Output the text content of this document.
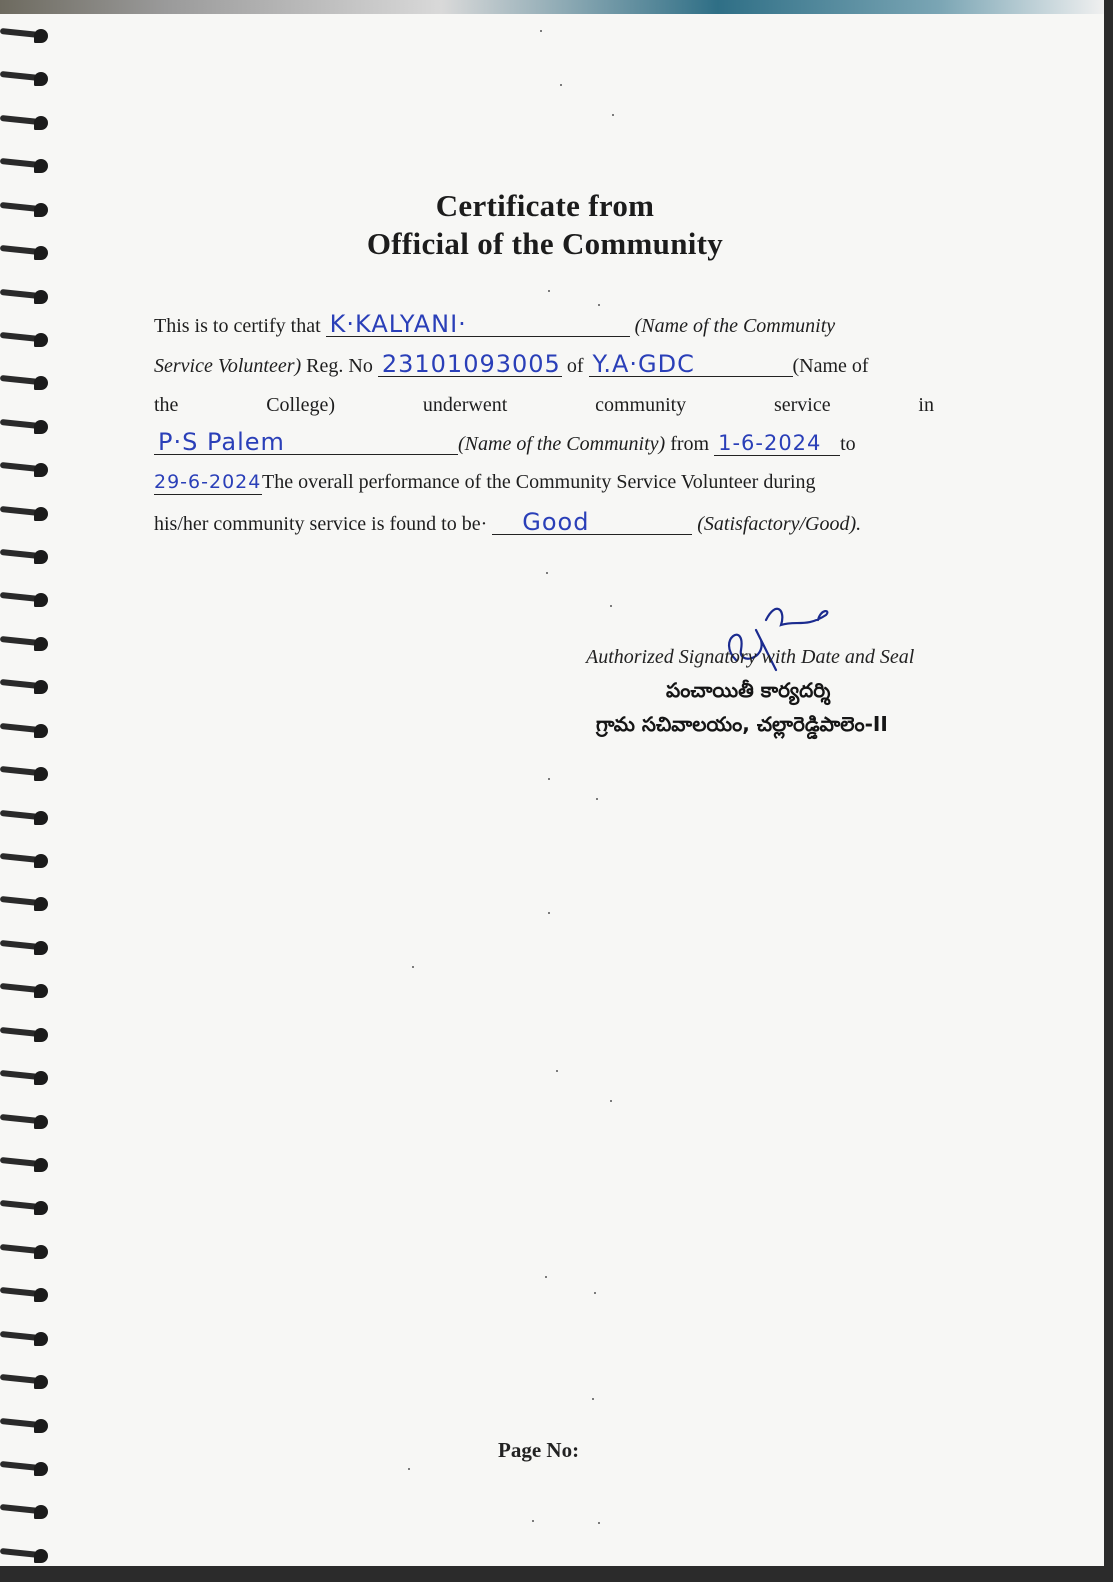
Certificate from
Official of the Community
This is to certify that K·KALYANI·	(Name of the Community
Service Volunteer) Reg. No 23101093005 of Y.A·GDC	(Name of
the	College)	underwent	community	service	in
P·S Palem	(Name of the Community) from 1-6-2024 to
29-6-2024The overall performance of the Community Service Volunteer during
his/her community service is found to be· Good	(Satisfactory/Good).
Authorized Signatory with Date and Seal
పంచాయితీ కార్యదర్శి
గ్రామ సచివాలయం, చల్లారెడ్డిపాలెం-II
Page No:
